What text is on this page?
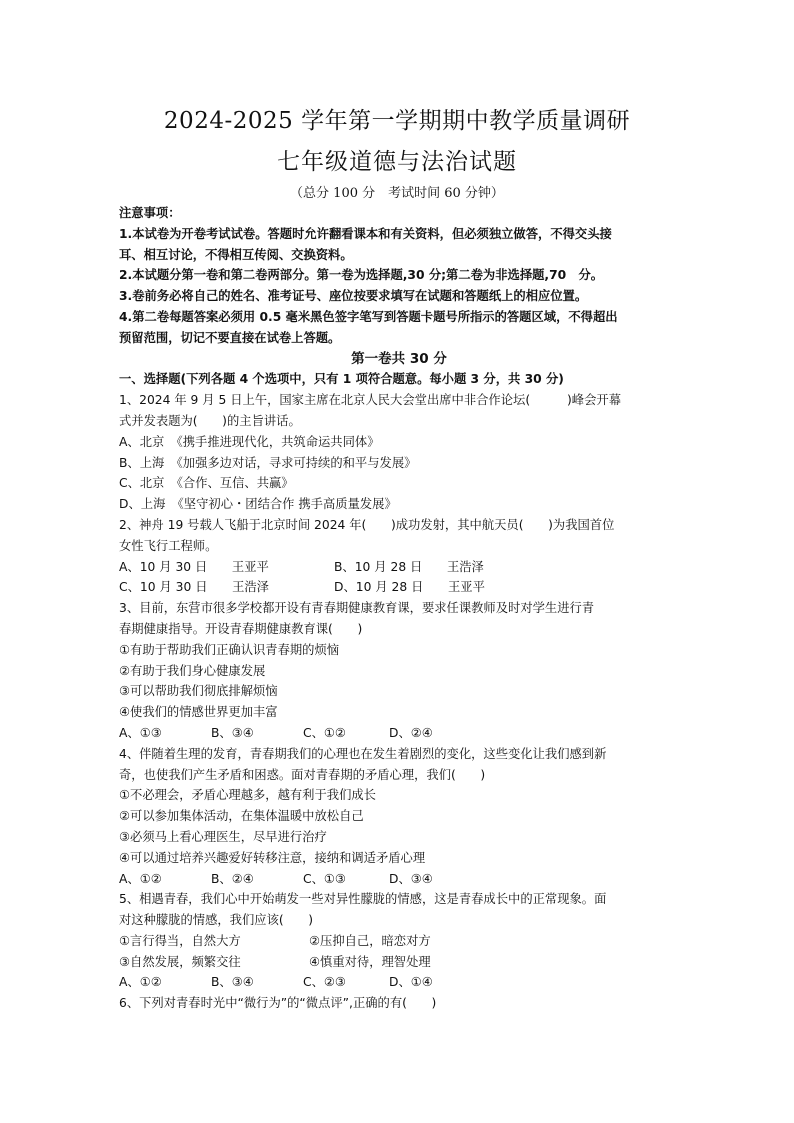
2024-2025 学年第一学期期中教学质量调研
七年级道德与法治试题
（总分 100 分　考试时间 60 分钟）
注意事项：
1.本试卷为开卷考试试卷。答题时允许翻看课本和有关资料，但必须独立做答，不得交头接
耳、相互讨论，不得相互传阅、交换资料。
2.本试题分第一卷和第二卷两部分。第一卷为选择题,30 分;第二卷为非选择题,70　分。
3.卷前务必将自己的姓名、准考证号、座位按要求填写在试题和答题纸上的相应位置。
4.第二卷每题答案必须用 0.5 毫米黑色签字笔写到答题卡题号所指示的答题区域，不得超出
预留范围，切记不要直接在试卷上答题。
第一卷共 30 分
一、选择题(下列各题 4 个选项中，只有 1 项符合题意。每小题 3 分，共 30 分)
1、2024 年 9 月 5 日上午，国家主席在北京人民大会堂出席中非合作论坛(　　　)峰会开幕
式并发表题为(　　)的主旨讲话。
A、北京　《携手推进现代化，共筑命运共同体》
B、上海　《加强多边对话，寻求可持续的和平与发展》
C、北京　《合作、互信、共赢》
D、上海　《坚守初心・团结合作 携手高质量发展》
2、神舟 19 号载人飞船于北京时间 2024 年(　　)成功发射，其中航天员(　　)为我国首位
女性飞行工程师。
A、10 月 30 日　　王亚平	B、10 月 28 日　　王浩泽
C、10 月 30 日　　王浩泽	D、10 月 28 日　　王亚平
3、目前，东营市很多学校都开设有青春期健康教育课，要求任课教师及时对学生进行青
春期健康指导。开设青春期健康教育课(　　)
①有助于帮助我们正确认识青春期的烦恼
②有助于我们身心健康发展
③可以帮助我们彻底排解烦恼
④使我们的情感世界更加丰富
A、①③	B、③④	C、①②	D、②④
4、伴随着生理的发育，青春期我们的心理也在发生着剧烈的变化，这些变化让我们感到新
奇，也使我们产生矛盾和困惑。面对青春期的矛盾心理，我们(　　)
①不必理会，矛盾心理越多，越有利于我们成长
②可以参加集体活动，在集体温暖中放松自己
③必须马上看心理医生，尽早进行治疗
④可以通过培养兴趣爱好转移注意，接纳和调适矛盾心理
A、①②	B、②④	C、①③	D、③④
5、相遇青春，我们心中开始萌发一些对异性朦胧的情感，这是青春成长中的正常现象。面
对这种朦胧的情感，我们应该(　　)
①言行得当，自然大方	②压抑自己，暗恋对方
③自然发展，频繁交往	④慎重对待，理智处理
A、①②	B、③④	C、②③	D、①④
6、下列对青春时光中“微行为”的“微点评”,正确的有(　　)
